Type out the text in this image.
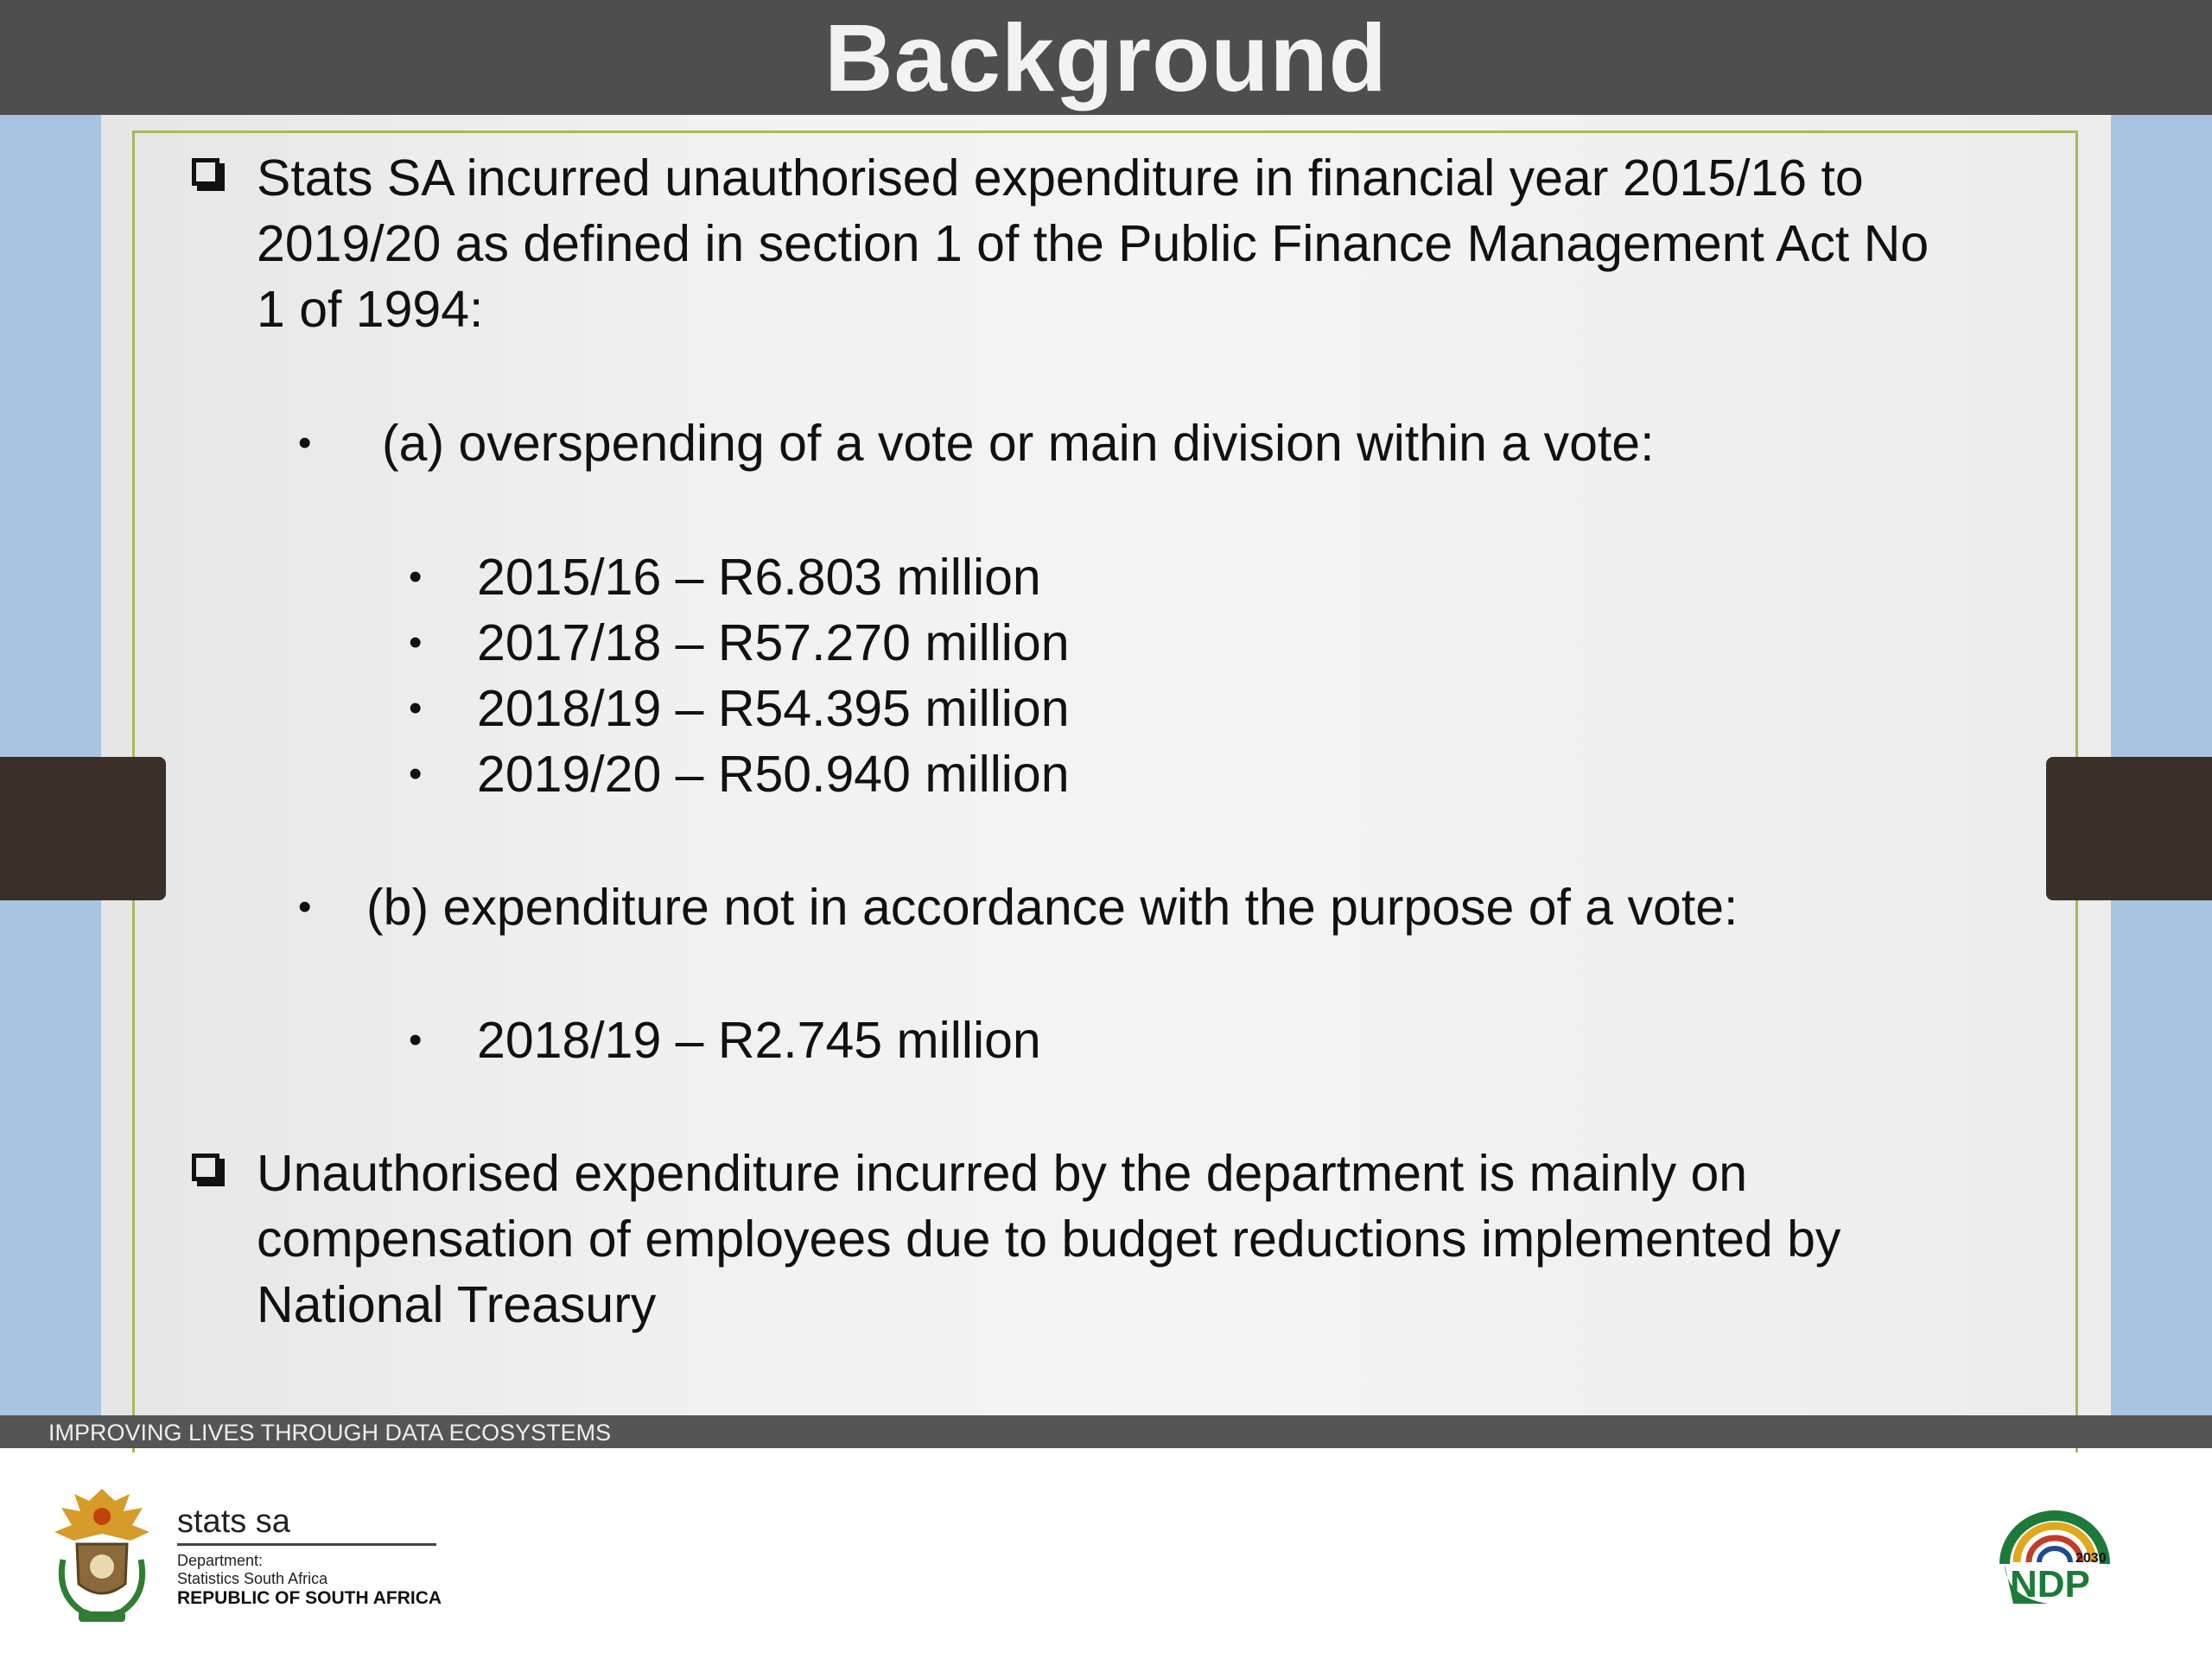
Background
Stats SA incurred unauthorised expenditure in financial year 2015/16 to
2019/20 as defined in section 1 of the Public Finance Management Act No
1 of 1994:
• (a) overspending of a vote or main division within a vote:
• 2015/16 – R6.803 million
• 2017/18 – R57.270 million
• 2018/19 – R54.395 million
• 2019/20 – R50.940 million
• (b) expenditure not in accordance with the purpose of a vote:
• 2018/19 – R2.745 million
Unauthorised expenditure incurred by the department is mainly on
compensation of employees due to budget reductions implemented by
National Treasury
IMPROVING LIVES THROUGH DATA ECOSYSTEMS
stats sa
Department:
Statistics South Africa
REPUBLIC OF SOUTH AFRICA
2030
NDP
